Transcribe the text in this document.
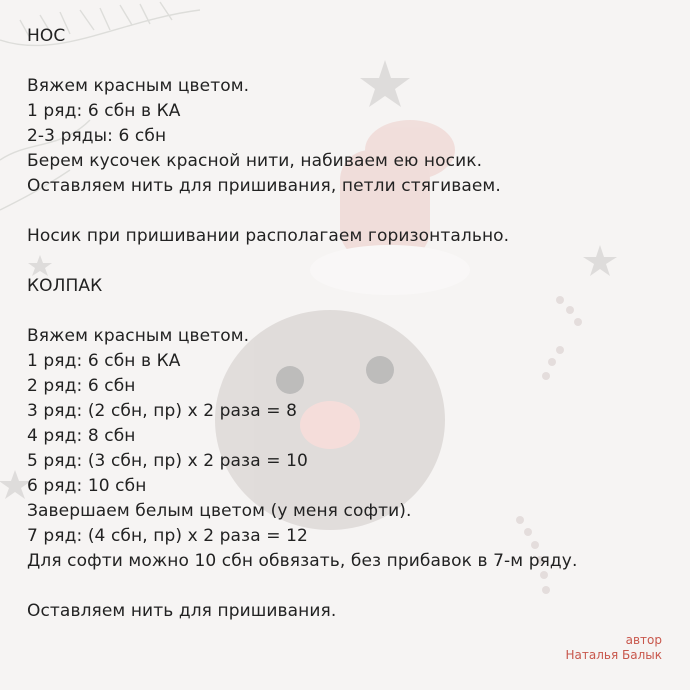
НОС
Вяжем красным цветом.
1 ряд: 6 сбн в КА
2-3 ряды: 6 сбн
Берем кусочек красной нити, набиваем ею носик.
Оставляем нить для пришивания, петли стягиваем.
Носик при пришивании располагаем горизонтально.
КОЛПАК
Вяжем красным цветом.
1 ряд: 6 сбн в КА
2 ряд: 6 сбн
3 ряд: (2 сбн, пр) х 2 раза = 8
4 ряд: 8 сбн
5 ряд: (3 сбн, пр) х 2 раза = 10
6 ряд: 10 сбн
Завершаем белым цветом (у меня софти).
7 ряд: (4 сбн, пр) х 2 раза = 12
Для софти можно 10 сбн обвязать, без прибавок в 7-м ряду.
Оставляем нить для пришивания.
автор
Наталья Балык
